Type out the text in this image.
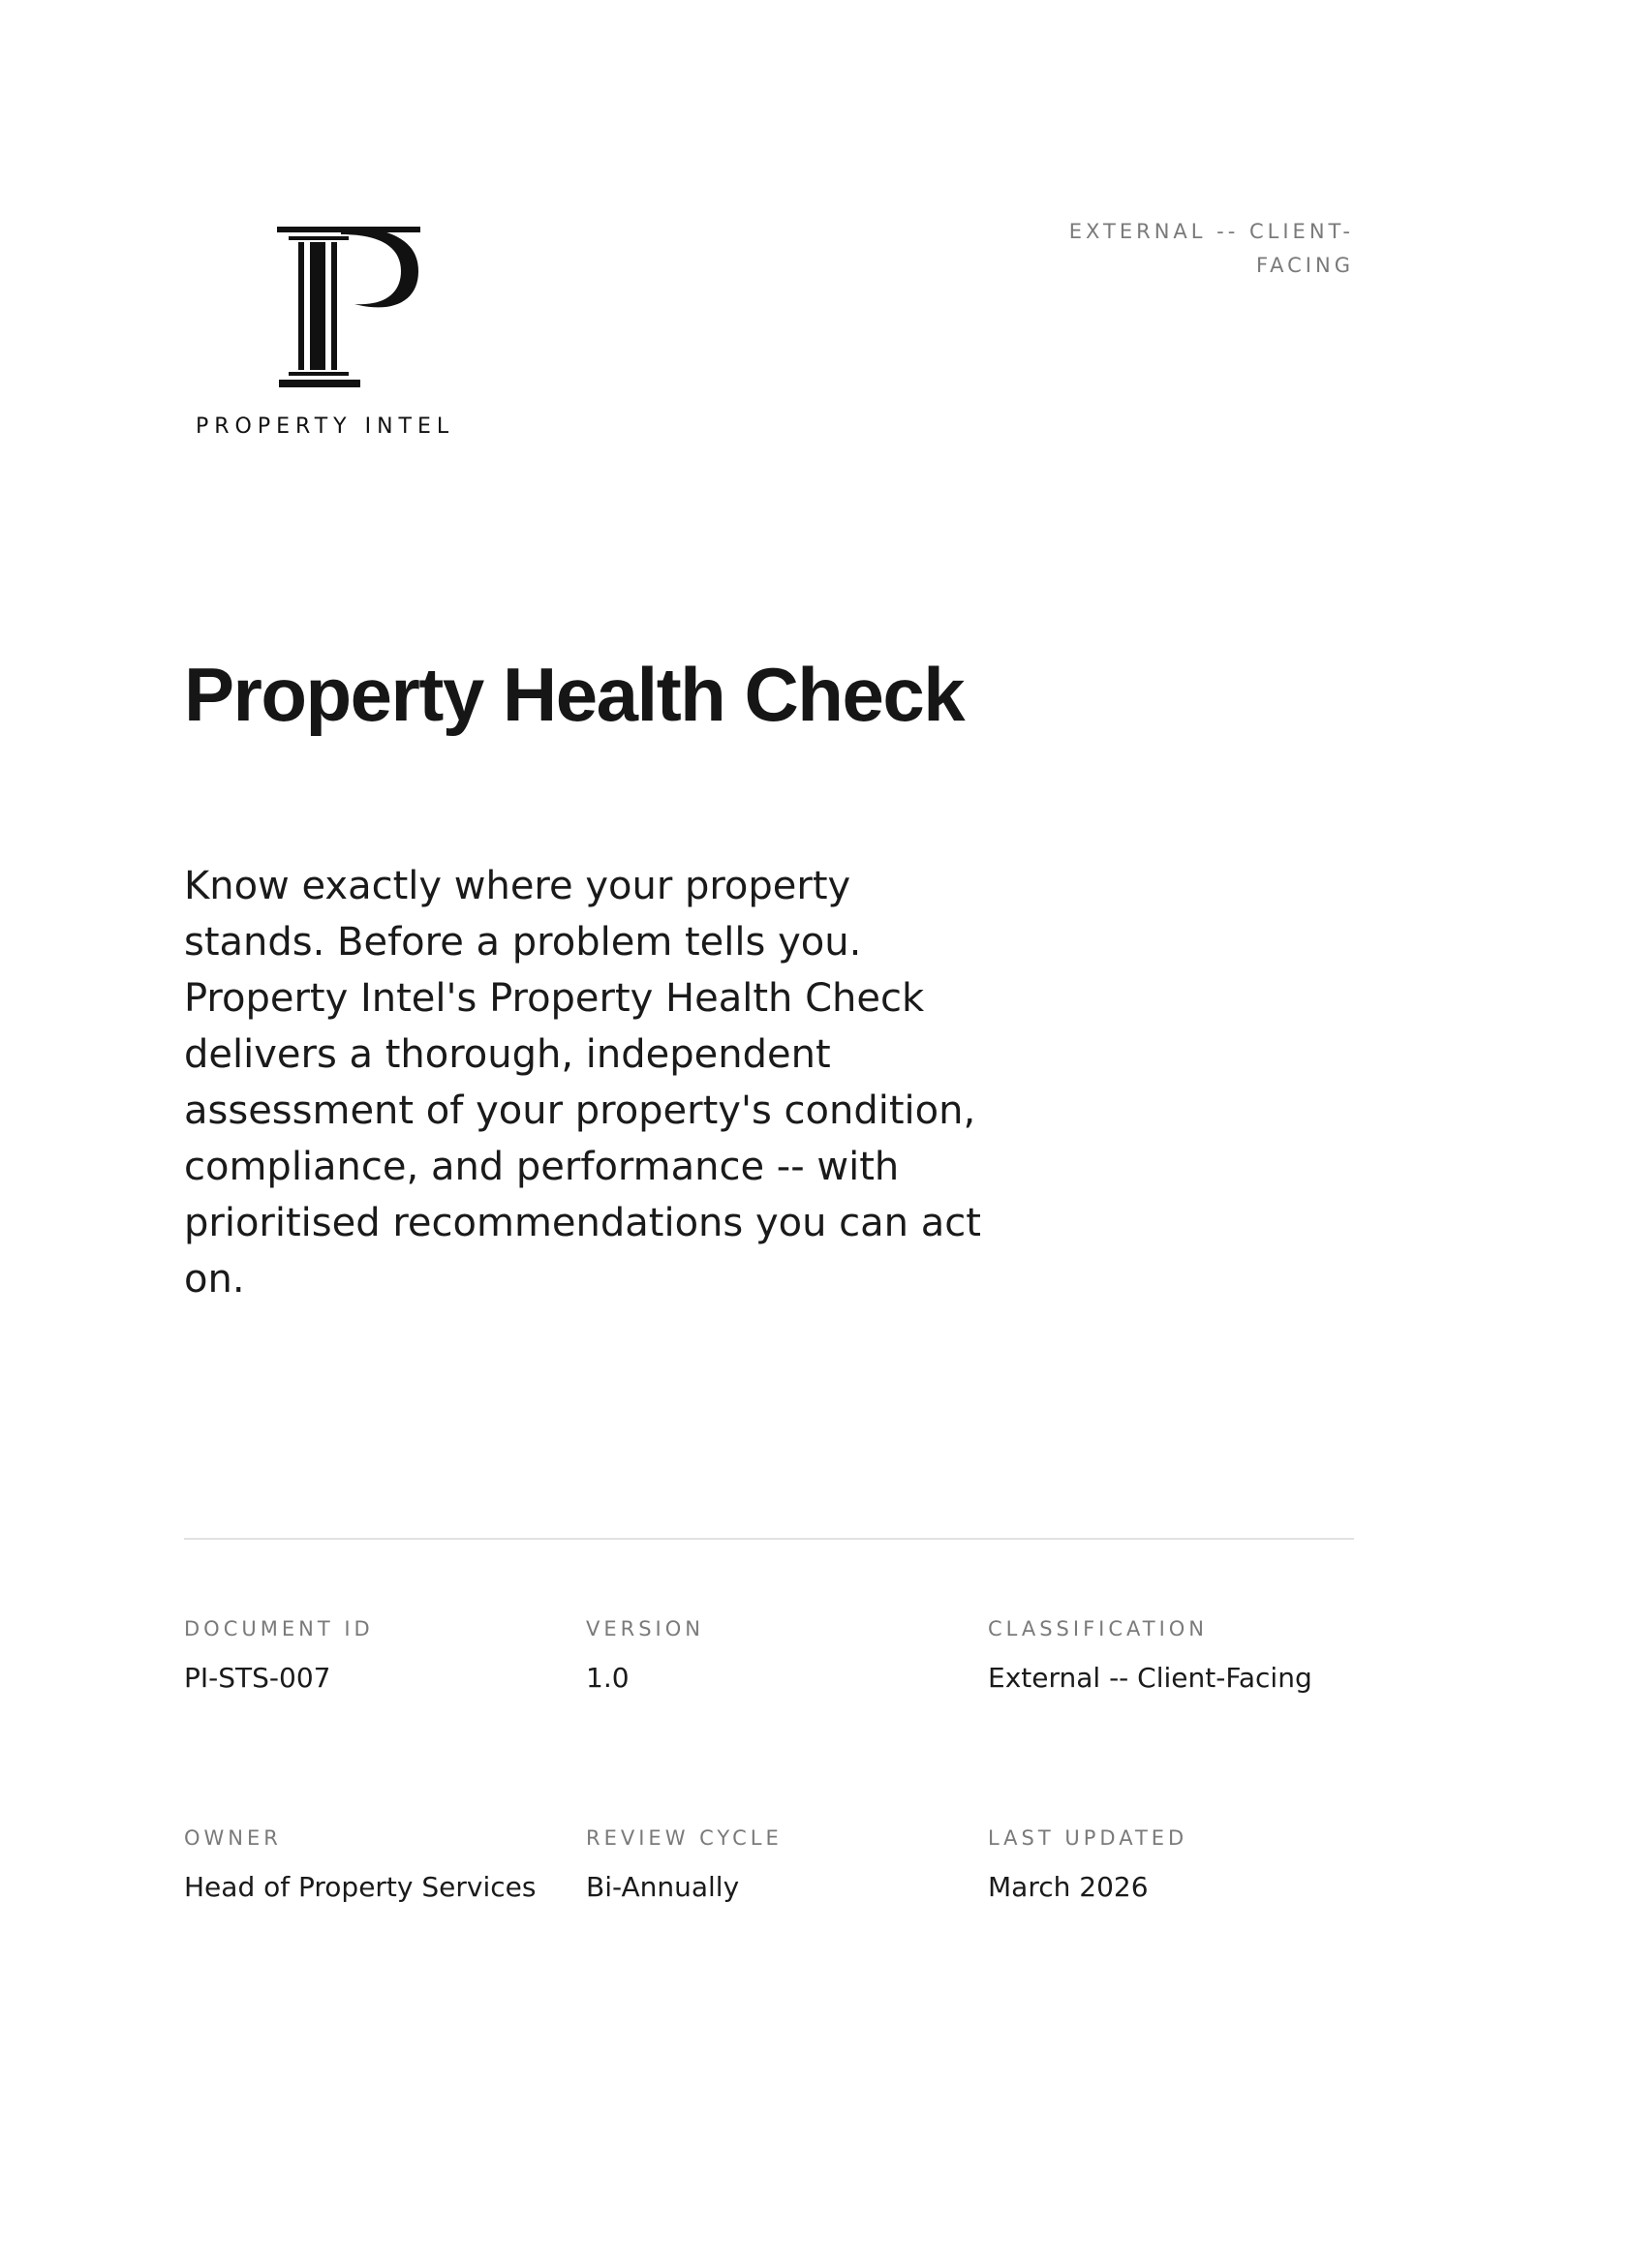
PROPERTY INTEL
EXTERNAL -- CLIENT-FACING
Property Health Check

Know exactly where your property stands. Before a problem tells you. Property Intel's Property Health Check delivers a thorough, independent assessment of your property's condition, compliance, and performance -- with prioritised recommendations you can act on.

DOCUMENT ID
PI-STS-007
VERSION
1.0
CLASSIFICATION
External -- Client-Facing
OWNER
Head of Property Services
REVIEW CYCLE
Bi-Annually
LAST UPDATED
March 2026
